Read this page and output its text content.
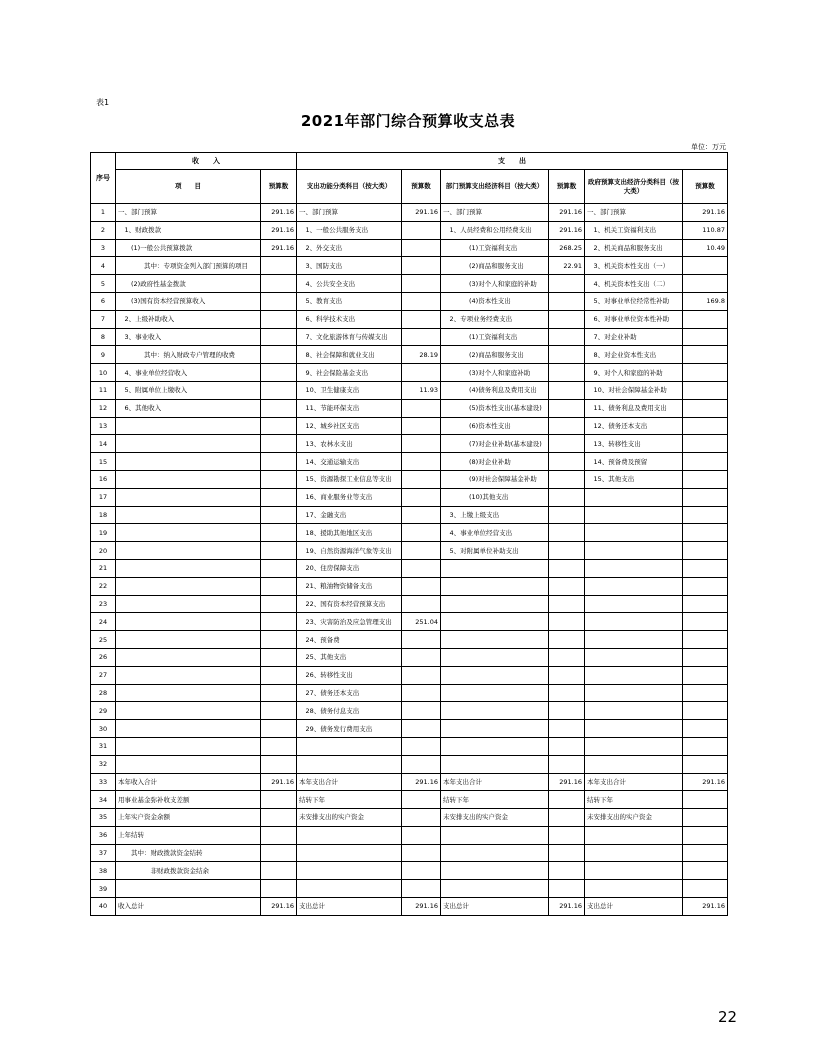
表1
2021年部门综合预算收支总表
单位：万元
序号	收　　入		支　　出					
	项　　目	预算数	支出功能分类科目（按大类）	预算数	部门预算支出经济科目（按大类）	预算数	政府预算支出经济分类科目（按大类）	预算数
1	一、部门预算	291.16	一、部门预算	291.16	一、部门预算	291.16	一、部门预算	291.16
2	　1、财政拨款	291.16	　1、一般公共服务支出		　1、人员经费和公用经费支出	291.16	　1、机关工资福利支出	110.87
3	　　(1)一般公共预算拨款	291.16	　2、外交支出		　　　　(1)工资福利支出	268.25	　2、机关商品和服务支出	10.49
4	　　　　其中：专项资金列入部门预算的项目		　3、国防支出		　　　　(2)商品和服务支出	22.91	　3、机关资本性支出（一）	
5	　　(2)政府性基金拨款		　4、公共安全支出		　　　　(3)对个人和家庭的补助		　4、机关资本性支出（二）	
6	　　(3)国有资本经营预算收入		　5、教育支出		　　　　(4)资本性支出		　5、对事业单位经常性补助	169.8
7	　2、上级补助收入		　6、科学技术支出		　2、专项业务经费支出		　6、对事业单位资本性补助	
8	　3、事业收入		　7、文化旅游体育与传媒支出		　　　　(1)工资福利支出		　7、对企业补助	
9	　　　　其中：纳入财政专户管理的收费		　8、社会保障和就业支出	28.19	　　　　(2)商品和服务支出		　8、对企业资本性支出	
10	　4、事业单位经营收入		　9、社会保险基金支出		　　　　(3)对个人和家庭补助		　9、对个人和家庭的补助	
11	　5、附属单位上缴收入		　10、卫生健康支出	11.93	　　　　(4)债务利息及费用支出		　10、对社会保障基金补助	
12	　6、其他收入		　11、节能环保支出		　　　　(5)资本性支出(基本建设)		　11、债务利息及费用支出	
13			　12、城乡社区支出		　　　　(6)资本性支出		　12、债务还本支出	
14			　13、农林水支出		　　　　(7)对企业补助(基本建设)		　13、转移性支出	
15			　14、交通运输支出		　　　　(8)对企业补助		　14、预备费及预留	
16			　15、资源勘探工业信息等支出		　　　　(9)对社会保障基金补助		　15、其他支出	
17			　16、商业服务业等支出		　　　　(10)其他支出			
18			　17、金融支出		　3、上缴上级支出			
19			　18、援助其他地区支出		　4、事业单位经营支出			
20			　19、自然资源海洋气象等支出		　5、对附属单位补助支出			
21			　20、住房保障支出					
22			　21、粮油物资储备支出					
23			　22、国有资本经营预算支出					
24			　23、灾害防治及应急管理支出	251.04				
25			　24、预备费					
26			　25、其他支出					
27			　26、转移性支出					
28			　27、债务还本支出					
29			　28、债务付息支出					
30			　29、债务发行费用支出					
31								
32								
33	本年收入合计	291.16	本年支出合计	291.16	本年支出合计	291.16	本年支出合计	291.16
34	用事业基金弥补收支差额		结转下年		结转下年		结转下年	
35	上年实户资金余额		未安排支出的实户资金		未安排支出的实户资金		未安排支出的实户资金	
36	上年结转							
37	　　其中：财政拨款资金结转							
38	　　　　　非财政拨款资金结余							
39								
40	收入总计	291.16	支出总计	291.16	支出总计	291.16	支出总计	291.16
22
